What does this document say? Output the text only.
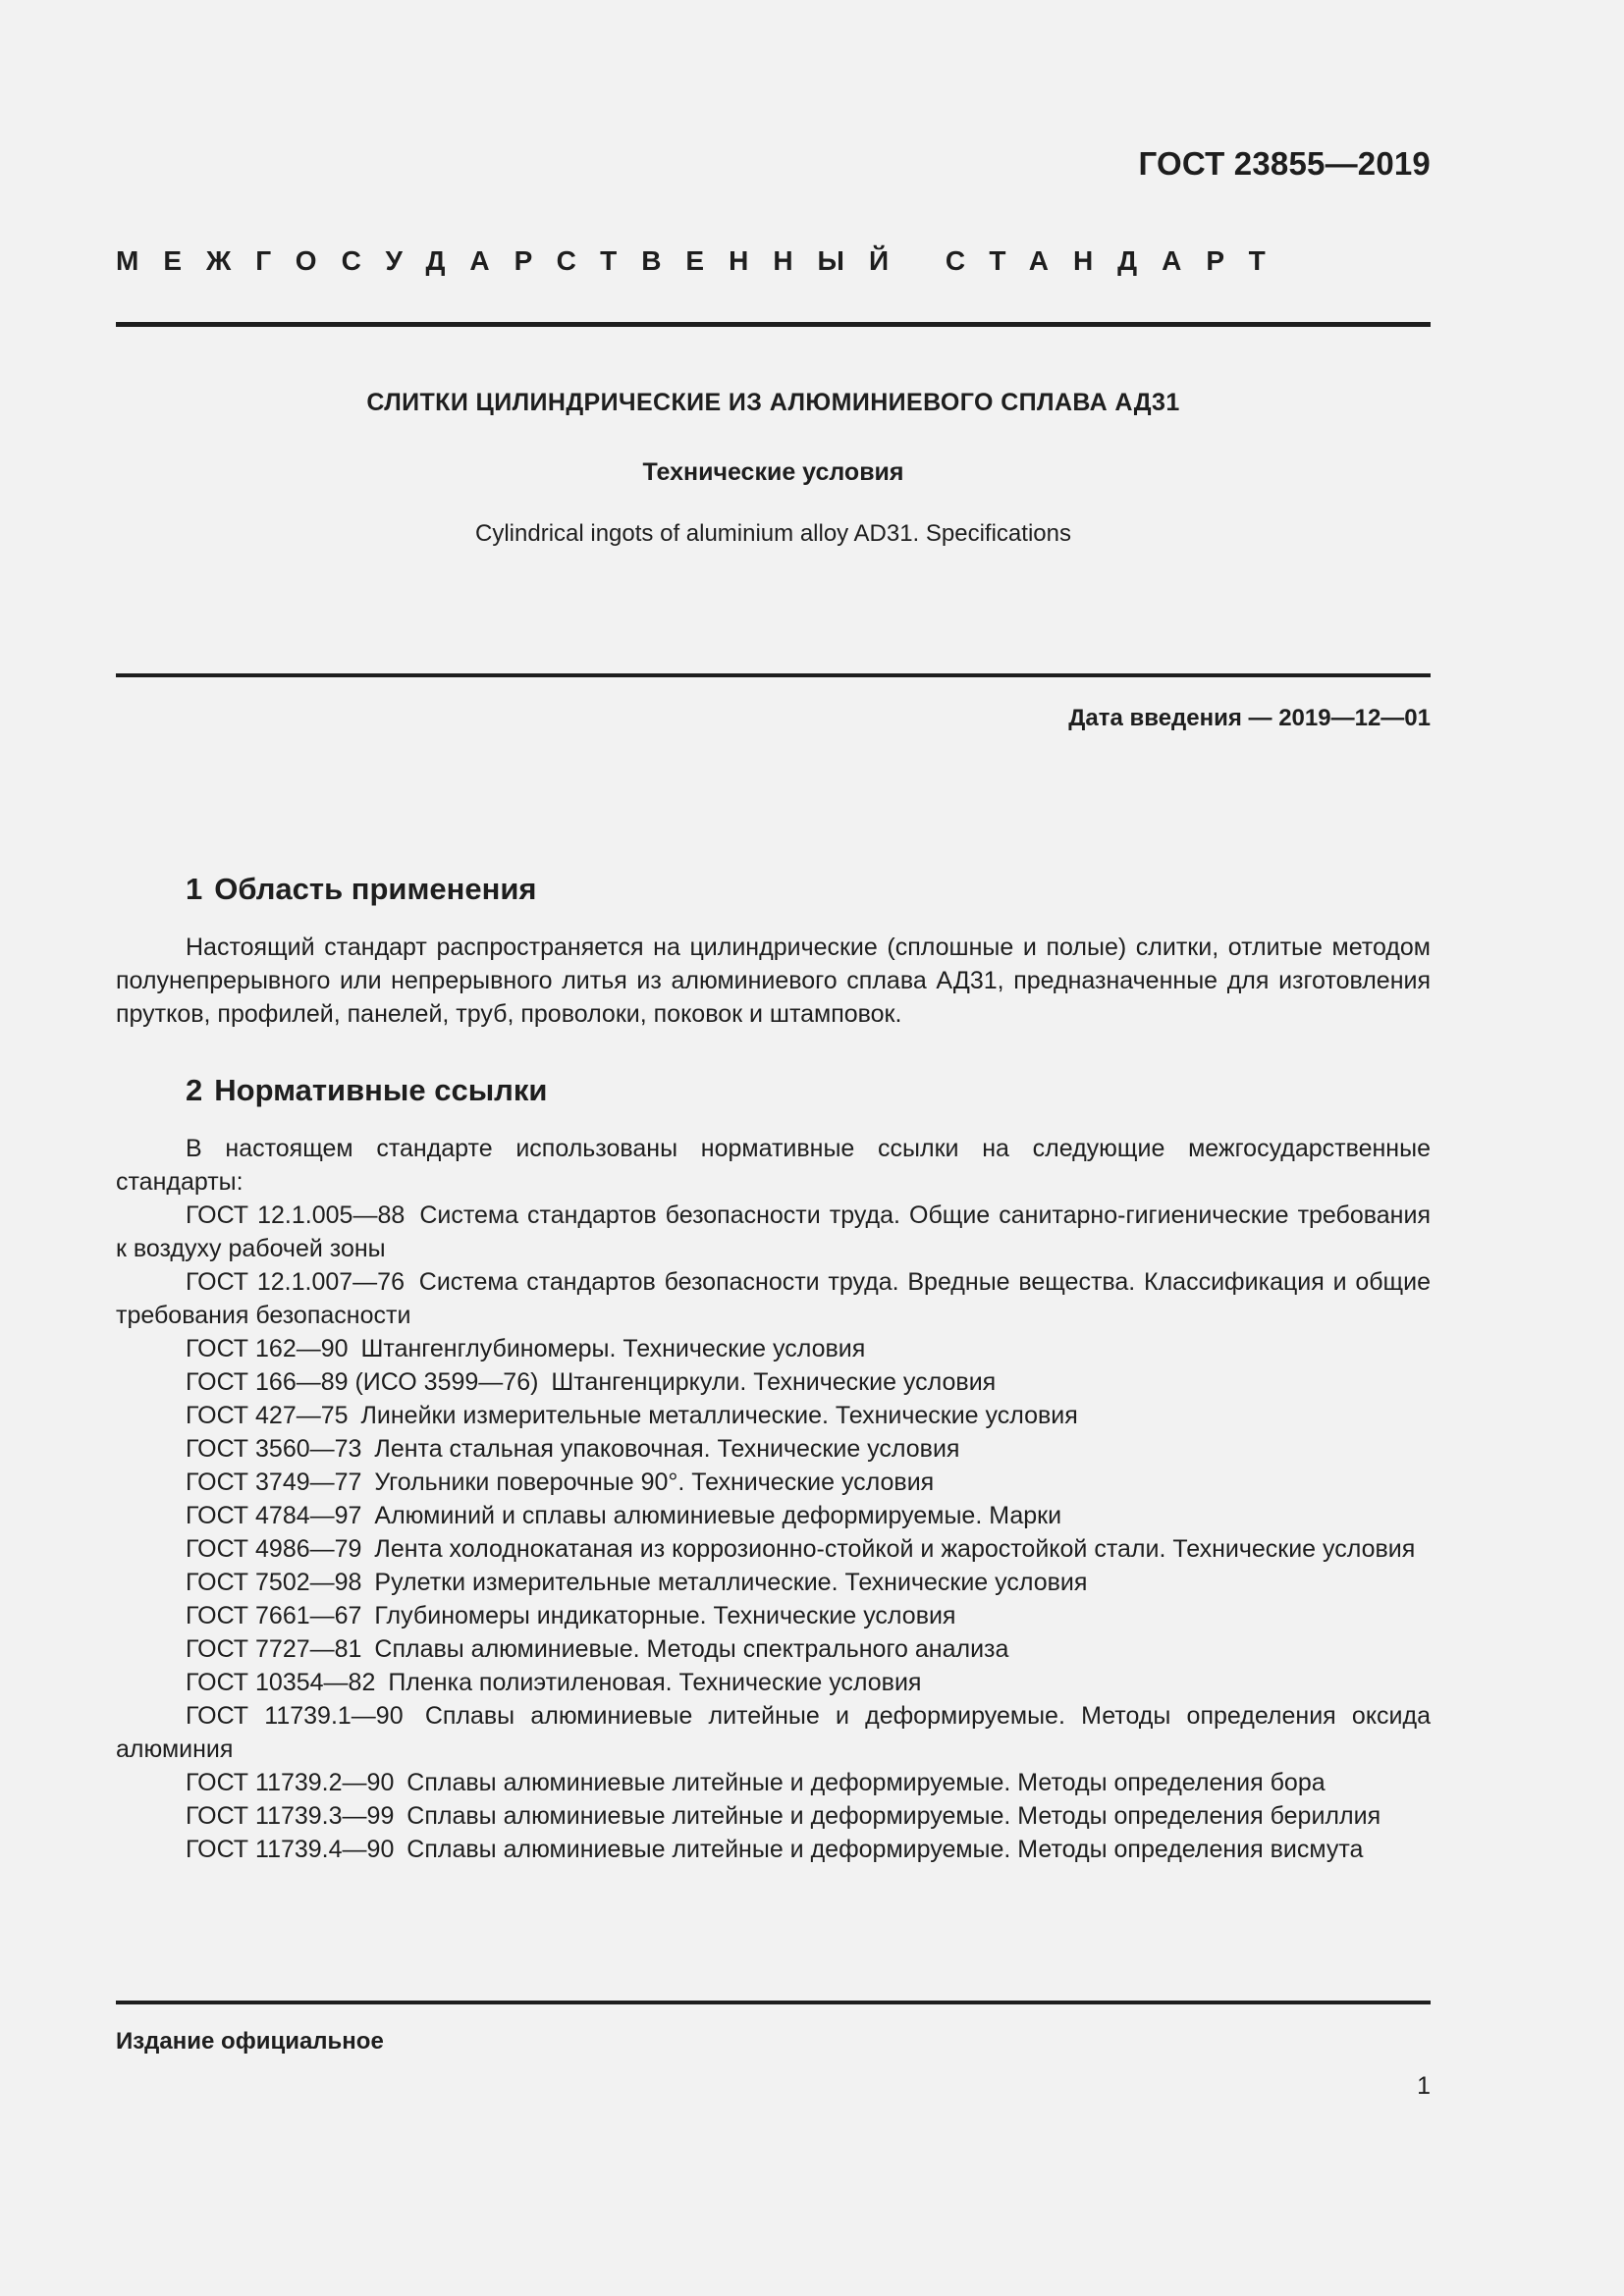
ГОСТ 23855—2019
МЕЖГОСУДАРСТВЕННЫЙ СТАНДАРТ
СЛИТКИ ЦИЛИНДРИЧЕСКИЕ ИЗ АЛЮМИНИЕВОГО СПЛАВА АД31
Технические условия
Cylindrical ingots of aluminium alloy AD31. Specifications
Дата введения — 2019—12—01
1 Область применения

Настоящий стандарт распространяется на цилиндрические (сплошные и полые) слитки, отлитые методом полунепрерывного или непрерывного литья из алюминиевого сплава АД31, предназначенные для изготовления прутков, профилей, панелей, труб, проволоки, поковок и штамповок.

2 Нормативные ссылки

В настоящем стандарте использованы нормативные ссылки на следующие межгосударственные стандарты:

ГОСТ 12.1.005—88 Система стандартов безопасности труда. Общие санитарно-гигиенические требования к воздуху рабочей зоны

ГОСТ 12.1.007—76 Система стандартов безопасности труда. Вредные вещества. Классификация и общие требования безопасности

ГОСТ 162—90 Штангенглубиномеры. Технические условия

ГОСТ 166—89 (ИСО 3599—76) Штангенциркули. Технические условия

ГОСТ 427—75 Линейки измерительные металлические. Технические условия

ГОСТ 3560—73 Лента стальная упаковочная. Технические условия

ГОСТ 3749—77 Угольники поверочные 90°. Технические условия

ГОСТ 4784—97 Алюминий и сплавы алюминиевые деформируемые. Марки

ГОСТ 4986—79 Лента холоднокатаная из коррозионно-стойкой и жаростойкой стали. Технические условия

ГОСТ 7502—98 Рулетки измерительные металлические. Технические условия

ГОСТ 7661—67 Глубиномеры индикаторные. Технические условия

ГОСТ 7727—81 Сплавы алюминиевые. Методы спектрального анализа

ГОСТ 10354—82 Пленка полиэтиленовая. Технические условия

ГОСТ 11739.1—90 Сплавы алюминиевые литейные и деформируемые. Методы определения оксида алюминия

ГОСТ 11739.2—90 Сплавы алюминиевые литейные и деформируемые. Методы определения бора

ГОСТ 11739.3—99 Сплавы алюминиевые литейные и деформируемые. Методы определения бериллия

ГОСТ 11739.4—90 Сплавы алюминиевые литейные и деформируемые. Методы определения висмута

Издание официальное
1
